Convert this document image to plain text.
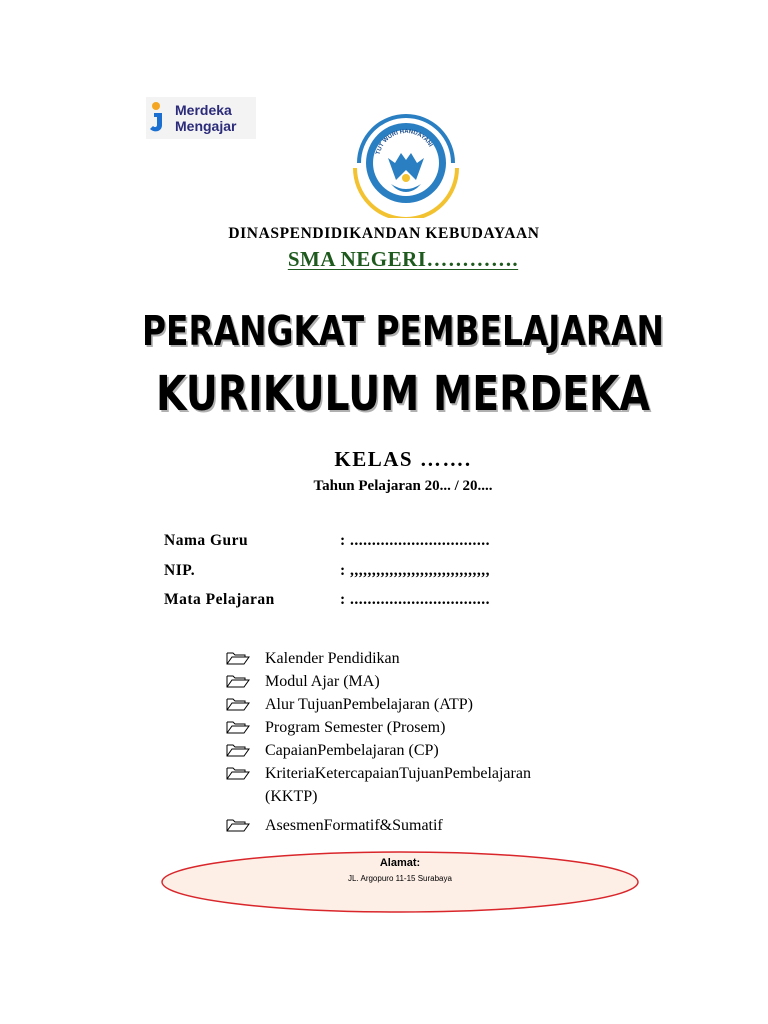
Merdeka
Mengajar
TUT WURI HANDAYANI
DINASPENDIDIKANDAN KEBUDAYAAN
SMA NEGERI………….
PERANGKAT PEMBELAJARAN
KURIKULUM MERDEKA
KELAS …….
Tahun Pelajaran 20... / 20....
Nama Guru	: ................................
NIP.	: ,,,,,,,,,,,,,,,,,,,,,,,,,,,,,,,,
Mata Pelajaran	: ................................
Kalender Pendidikan
Modul Ajar (MA)
Alur TujuanPembelajaran (ATP)
Program Semester (Prosem)
CapaianPembelajaran (CP)
KriteriaKetercapaianTujuanPembelajaran
(KKTP)
AsesmenFormatif&Sumatif
Alamat:
JL. Argopuro 11-15 Surabaya
